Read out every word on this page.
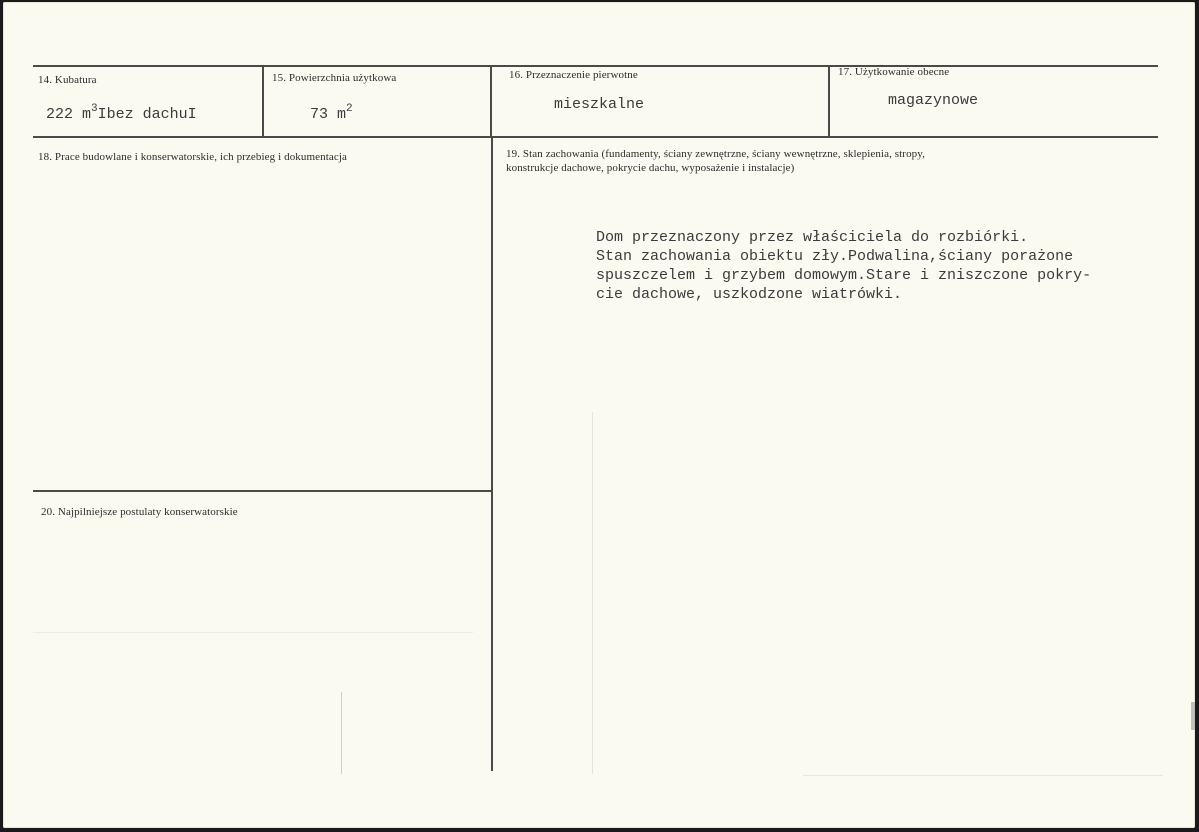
14. Kubatura
222 $m^3Ibez$ dachuI
15. Powierzchnia użytkowa
73 $m^2$
16. Przeznaczenie pierwotne
mieszkalne
17. Użytkowanie obecne
magazynowe
18. Prace budowlane i konserwatorskie, ich przebieg i dokumentacja	19. Stan zachowania (fundamenty, ściany zewnętrzne, ściany wewnętrzne, sklepienia, stropy,
konstrukcje dachowe, pokrycie dachu, wyposażenie i instalacje)
Dom przeznaczony przez właściciela do rozbiórki.
Stan zachowania obiektu zły.Podwalina,ściany porażone
spuszczelem i grzybem domowym.Stare i zniszczone pokry-
cie dachowe, uszkodzone wiatrówki.
20. Najpilniejsze postulaty konserwatorskie
